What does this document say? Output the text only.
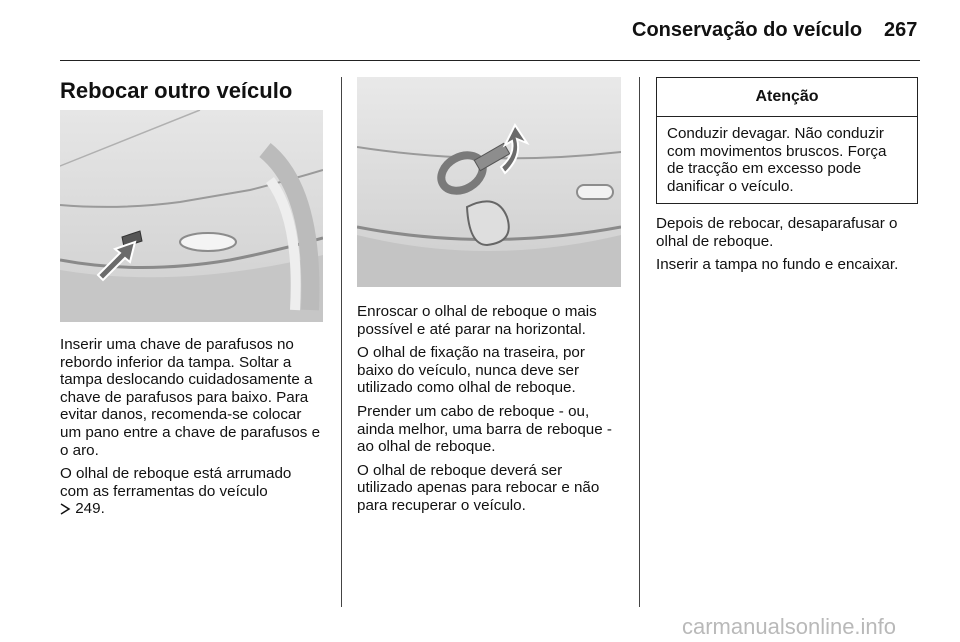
Conservação do veículo 267
Rebocar outro veículo

Inserir uma chave de parafusos no rebordo inferior da tampa. Soltar a tampa deslocando cuidadosamente a chave de parafusos para baixo. Para evitar danos, recomenda-se colocar um pano entre a chave de parafusos e o aro.

O olhal de reboque está arrumado com as ferramentas do veículo

249.

Enroscar o olhal de reboque o mais possível e até parar na horizontal.

O olhal de fixação na traseira, por baixo do veículo, nunca deve ser utilizado como olhal de reboque.

Prender um cabo de reboque - ou, ainda melhor, uma barra de reboque - ao olhal de reboque.

O olhal de reboque deverá ser utilizado apenas para rebocar e não para recuperar o veículo.

Atenção
Conduzir devagar. Não conduzir com movimentos bruscos. Força de tracção em excesso pode danificar o veículo.

Depois de rebocar, desaparafusar o olhal de reboque.

Inserir a tampa no fundo e encaixar.

carmanualsonline.info
